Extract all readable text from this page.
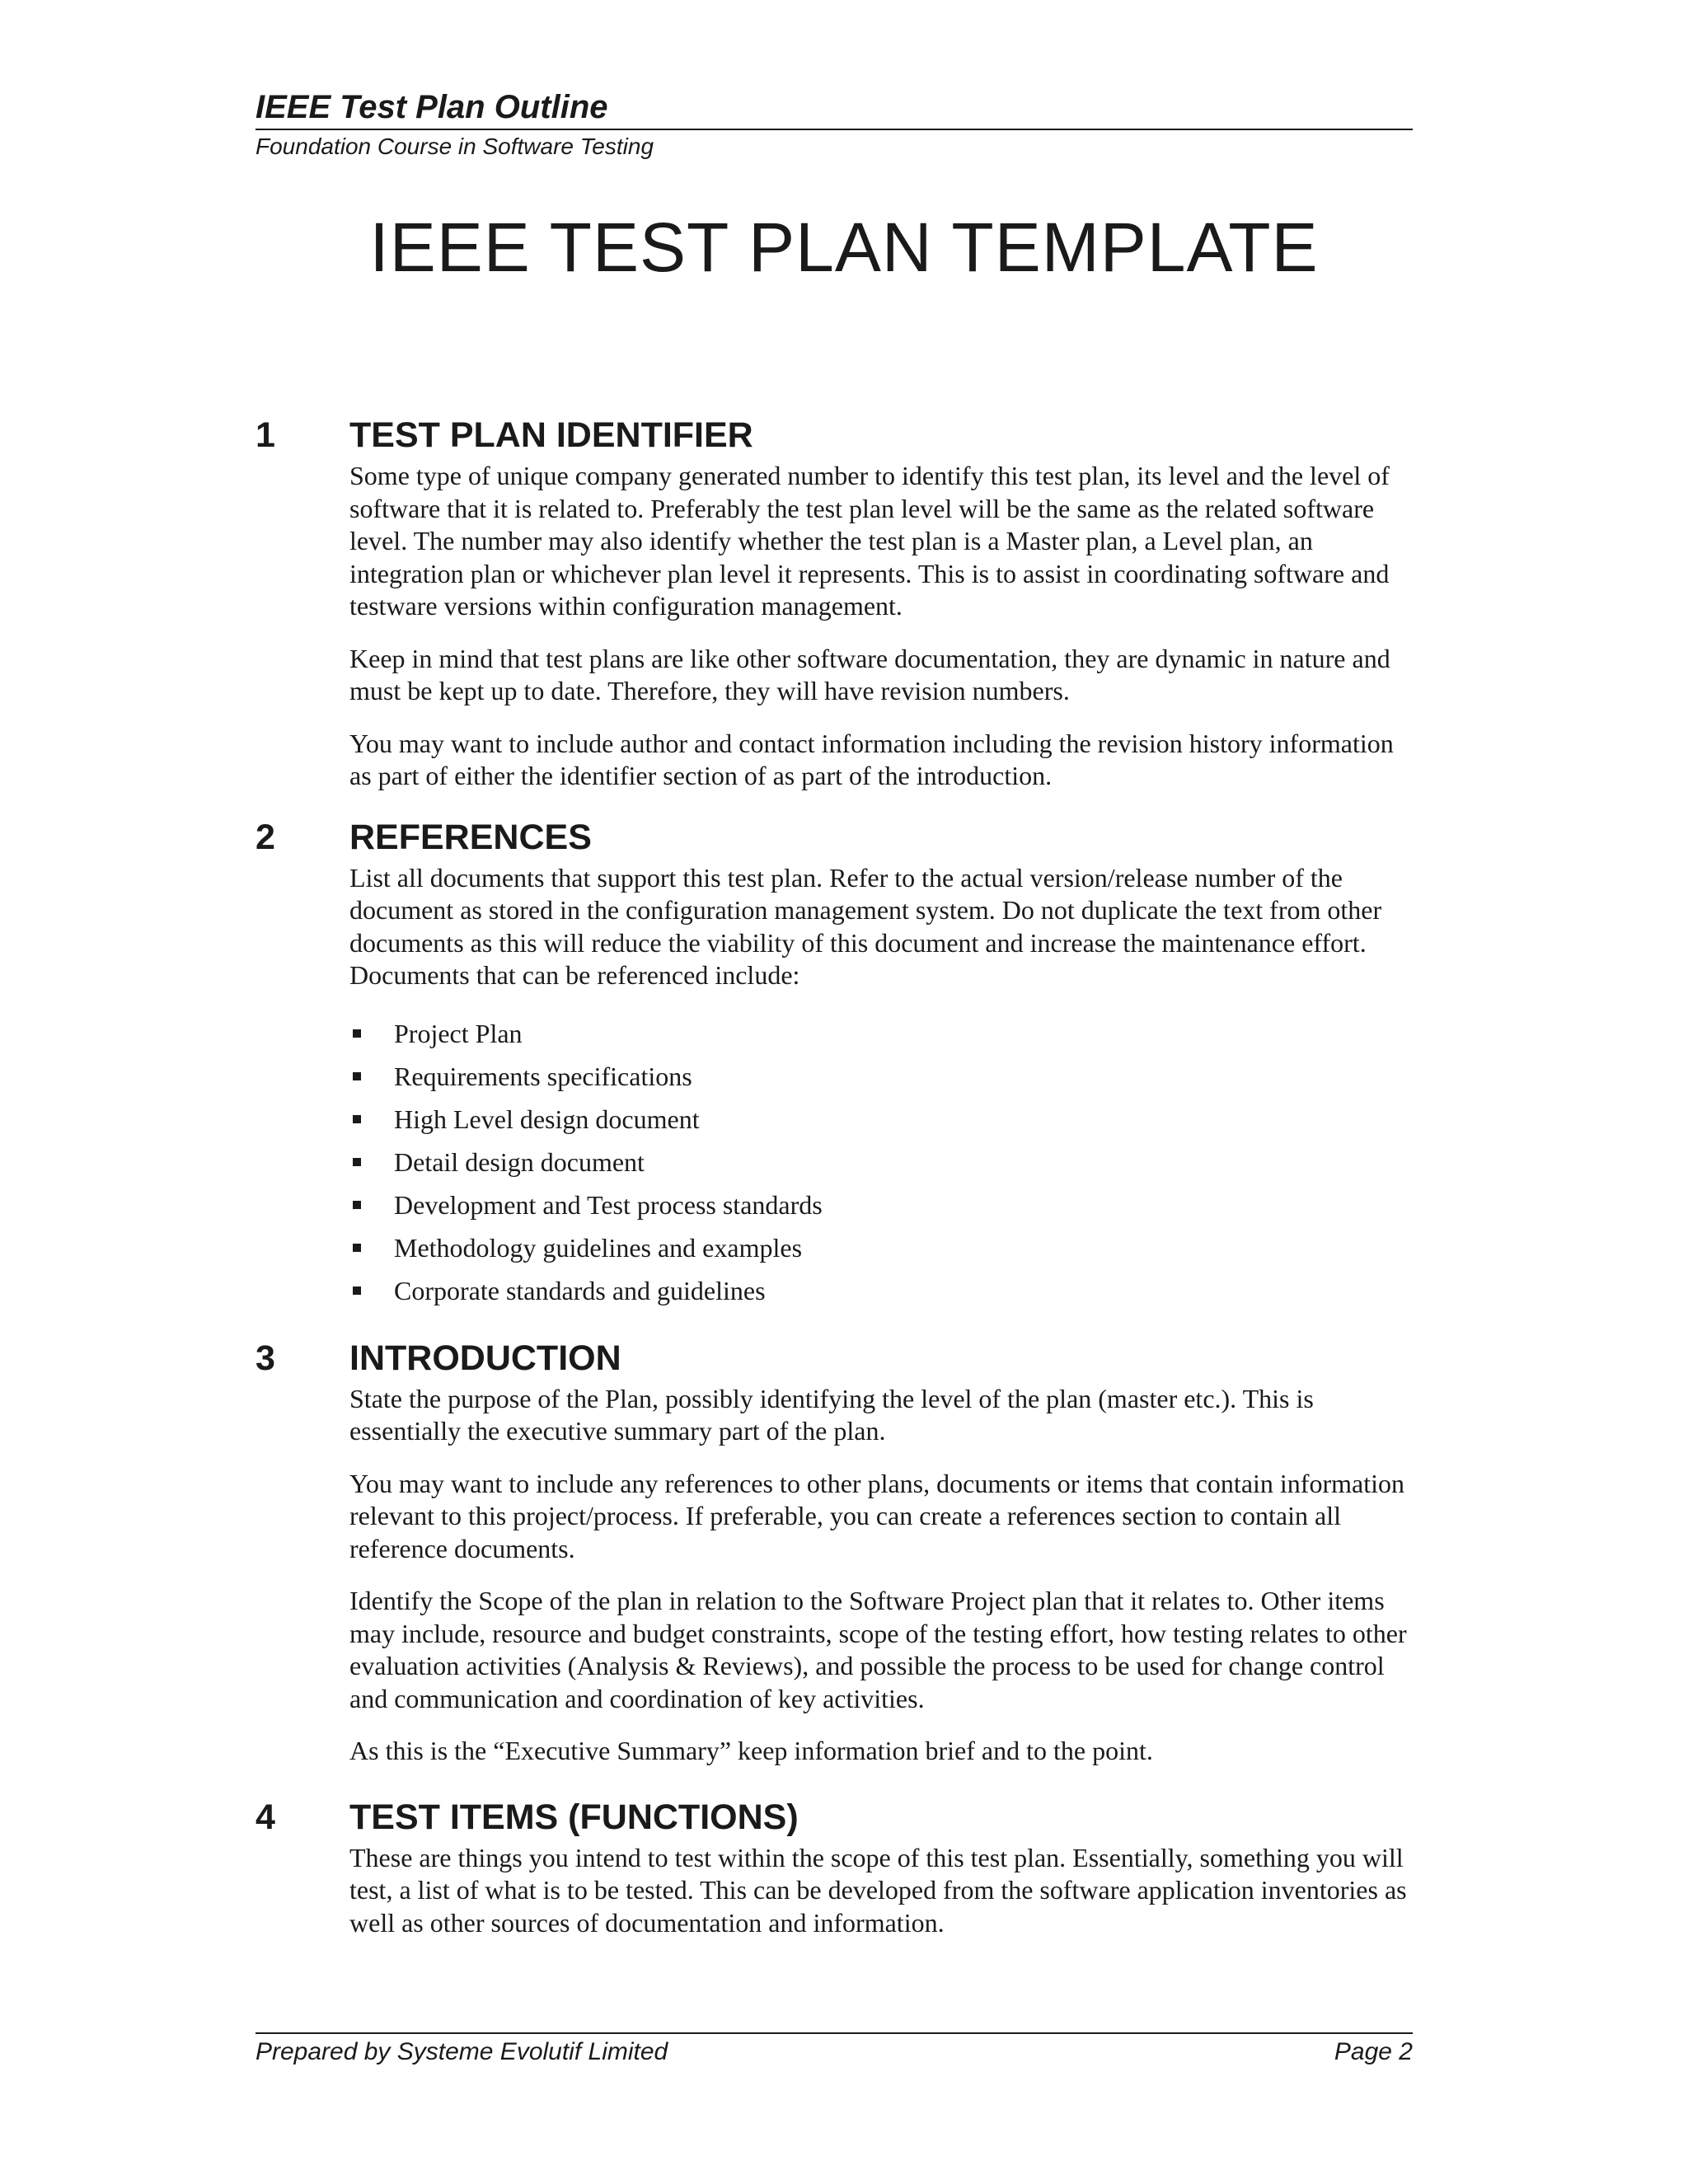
IEEE Test Plan Outline

Foundation Course in Software Testing

IEEE TEST PLAN TEMPLATE
1 TEST PLAN IDENTIFIER

Some type of unique company generated number to identify this test plan, its level and the level of software that it is related to. Preferably the test plan level will be the same as the related software level. The number may also identify whether the test plan is a Master plan, a Level plan, an integration plan or whichever plan level it represents. This is to assist in coordinating software and testware versions within configuration management.

Keep in mind that test plans are like other software documentation, they are dynamic in nature and must be kept up to date. Therefore, they will have revision numbers.

You may want to include author and contact information including the revision history information as part of either the identifier section of as part of the introduction.

2 REFERENCES

List all documents that support this test plan. Refer to the actual version/release number of the document as stored in the configuration management system. Do not duplicate the text from other documents as this will reduce the viability of this document and increase the maintenance effort. Documents that can be referenced include:

Project Plan
Requirements specifications
High Level design document
Detail design document
Development and Test process standards
Methodology guidelines and examples
Corporate standards and guidelines
3 INTRODUCTION

State the purpose of the Plan, possibly identifying the level of the plan (master etc.). This is essentially the executive summary part of the plan.

You may want to include any references to other plans, documents or items that contain information relevant to this project/process. If preferable, you can create a references section to contain all reference documents.

Identify the Scope of the plan in relation to the Software Project plan that it relates to. Other items may include, resource and budget constraints, scope of the testing effort, how testing relates to other evaluation activities (Analysis & Reviews), and possible the process to be used for change control and communication and coordination of key activities.

As this is the “Executive Summary” keep information brief and to the point.

4 TEST ITEMS (FUNCTIONS)

These are things you intend to test within the scope of this test plan. Essentially, something you will test, a list of what is to be tested. This can be developed from the software application inventories as well as other sources of documentation and information.

Prepared by Systeme Evolutif Limited	Page 2
